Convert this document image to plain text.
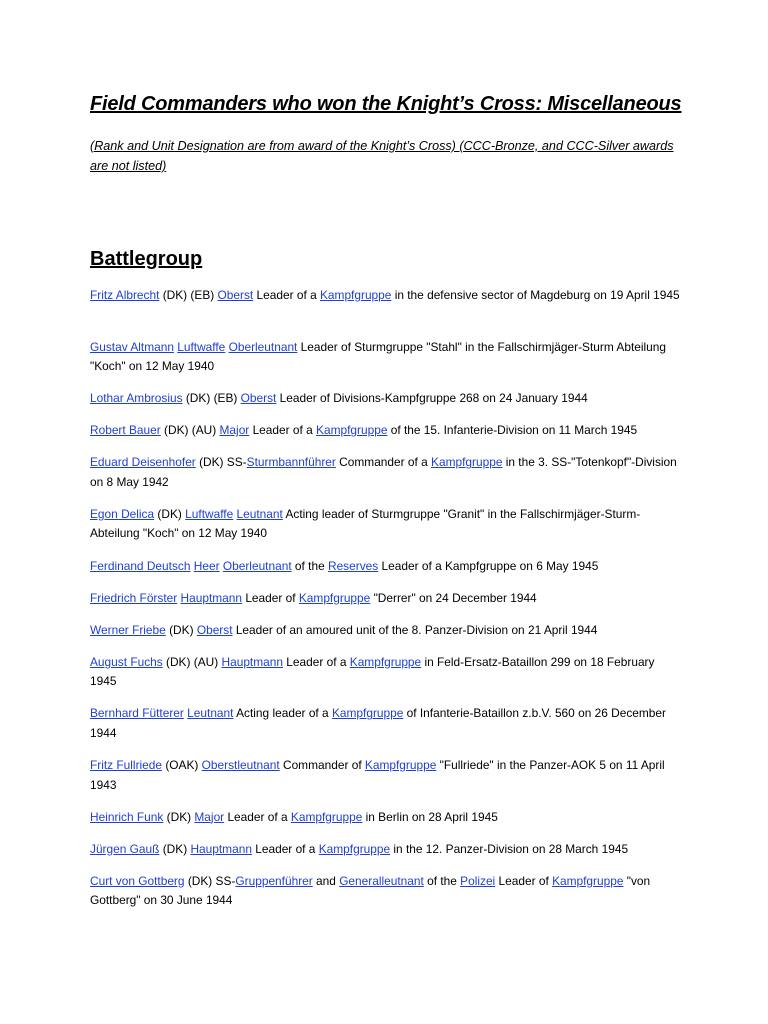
Field Commanders who won the Knight’s Cross: Miscellaneous

(Rank and Unit Designation are from award of the Knight’s Cross) (CCC-Bronze, and CCC-Silver awards are not listed)

Battlegroup

Fritz Albrecht (DK) (EB) Oberst Leader of a Kampfgruppe in the defensive sector of Magdeburg on 19 April 1945

Gustav Altmann Luftwaffe Oberleutnant Leader of Sturmgruppe "Stahl" in the Fallschirmjäger-Sturm Abteilung "Koch" on 12 May 1940

Lothar Ambrosius (DK) (EB) Oberst Leader of Divisions-Kampfgruppe 268 on 24 January 1944

Robert Bauer (DK) (AU) Major Leader of a Kampfgruppe of the 15. Infanterie-Division on 11 March 1945

Eduard Deisenhofer (DK) SS-Sturmbannführer Commander of a Kampfgruppe in the 3. SS-"Totenkopf"-Division on 8 May 1942

Egon Delica (DK) Luftwaffe Leutnant Acting leader of Sturmgruppe "Granit" in the Fallschirmjäger-Sturm-Abteilung "Koch" on 12 May 1940

Ferdinand Deutsch Heer Oberleutnant of the Reserves Leader of a Kampfgruppe on 6 May 1945

Friedrich Förster Hauptmann Leader of Kampfgruppe "Derrer" on 24 December 1944

Werner Friebe (DK) Oberst Leader of an amoured unit of the 8. Panzer-Division on 21 April 1944

August Fuchs (DK) (AU) Hauptmann Leader of a Kampfgruppe in Feld-Ersatz-Bataillon 299 on 18 February 1945

Bernhard Fütterer Leutnant Acting leader of a Kampfgruppe of Infanterie-Bataillon z.b.V. 560 on 26 December 1944

Fritz Fullriede (OAK) Oberstleutnant Commander of Kampfgruppe "Fullriede" in the Panzer-AOK 5 on 11 April 1943

Heinrich Funk (DK) Major Leader of a Kampfgruppe in Berlin on 28 April 1945

Jürgen Gauß (DK) Hauptmann Leader of a Kampfgruppe in the 12. Panzer-Division on 28 March 1945

Curt von Gottberg (DK) SS-Gruppenführer and Generalleutnant of the Polizei Leader of Kampfgruppe "von Gottberg" on 30 June 1944
